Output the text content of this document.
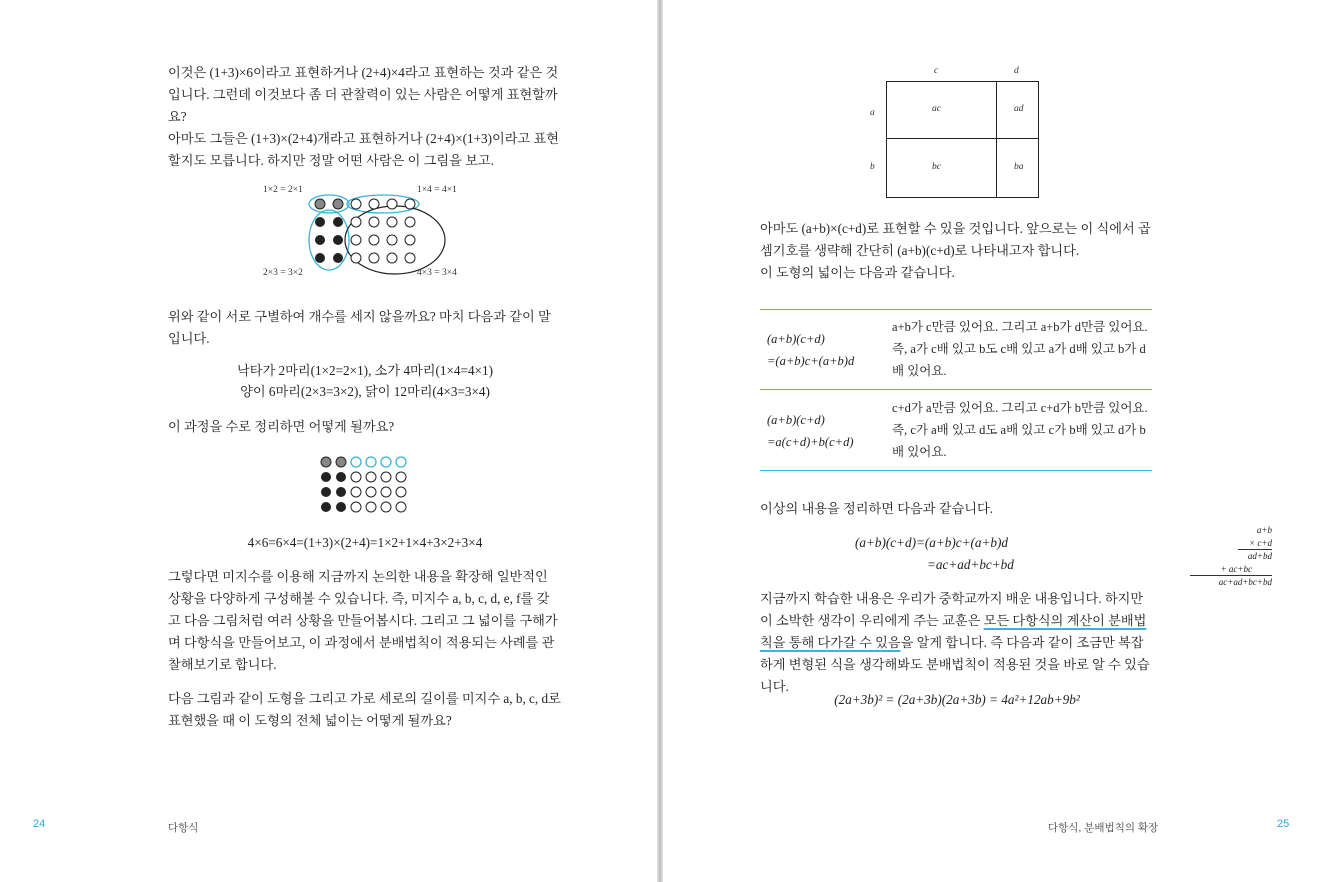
이것은 (1+3)×6이라고 표현하거나 (2+4)×4라고 표현하는 것과 같은 것입니다. 그런데 이것보다 좀 더 관찰력이 있는 사람은 어떻게 표현할까요?

아마도 그들은 (1+3)×(2+4)개라고 표현하거나 (2+4)×(1+3)이라고 표현할지도 모릅니다. 하지만 정말 어떤 사람은 이 그림을 보고.

1×2 = 2×1	1×4 = 4×1
2×3 = 3×2	4×3 = 3×4

위와 같이 서로 구별하여 개수를 세지 않을까요? 마치 다음과 같이 말입니다.

낙타가 2마리(1×2=2×1), 소가 4마리(1×4=4×1)

양이 6마리(2×3=3×2), 닭이 12마리(4×3=3×4)

이 과정을 수로 정리하면 어떻게 될까요?

4×6=6×4=(1+3)×(2+4)=1×2+1×4+3×2+3×4

그렇다면 미지수를 이용해 지금까지 논의한 내용을 확장해 일반적인 상황을 다양하게 구성해볼 수 있습니다. 즉, 미지수 a, b, c, d, e, f를 갖고 다음 그림처럼 여러 상황을 만들어봅시다. 그리고 그 넓이를 구해가며 다항식을 만들어보고, 이 과정에서 분배법칙이 적용되는 사례를 관찰해보기로 합니다.

다음 그림과 같이 도형을 그리고 가로 세로의 길이를 미지수 a, b, c, d로 표현했을 때 이 도형의 전체 넓이는 어떻게 될까요?

24	다항식
c	d
a
b
ac	ad
bc	ba

아마도 (a+b)×(c+d)로 표현할 수 있을 것입니다. 앞으로는 이 식에서 곱셈기호를 생략해 간단히 (a+b)(c+d)로 나타내고자 합니다.

이 도형의 넓이는 다음과 같습니다.

(a+b)(c+d)

=(a+b)c+(a+b)d

a+b가 c만큼 있어요. 그리고 a+b가 d만큼 있어요. 즉, a가 c배 있고 b도 c배 있고 a가 d배 있고 b가 d배 있어요.

(a+b)(c+d)

=a(c+d)+b(c+d)

c+d가 a만큼 있어요. 그리고 c+d가 b만큼 있어요. 즉, c가 a배 있고 d도 a배 있고 c가 b배 있고 d가 b배 있어요.

이상의 내용을 정리하면 다음과 같습니다.

(a+b)(c+d)=(a+b)c+(a+b)d

=ac+ad+bc+bd

지금까지 학습한 내용은 우리가 중학교까지 배운 내용입니다. 하지만 이 소박한 생각이 우리에게 주는 교훈은 모든 다항식의 계산이 분배법칙을 통해 다가갈 수 있음을 알게 합니다. 즉 다음과 같이 조금만 복잡하게 변형된 식을 생각해봐도 분배법칙이 적용된 것을 바로 알 수 있습니다.

(2a+3b)² = (2a+3b)(2a+3b) = 4a²+12ab+9b²

a+b
× c+d
ad+bd
+ ac+bc
ac+ad+bc+bd
다항식, 분배법칙의 확장	25
